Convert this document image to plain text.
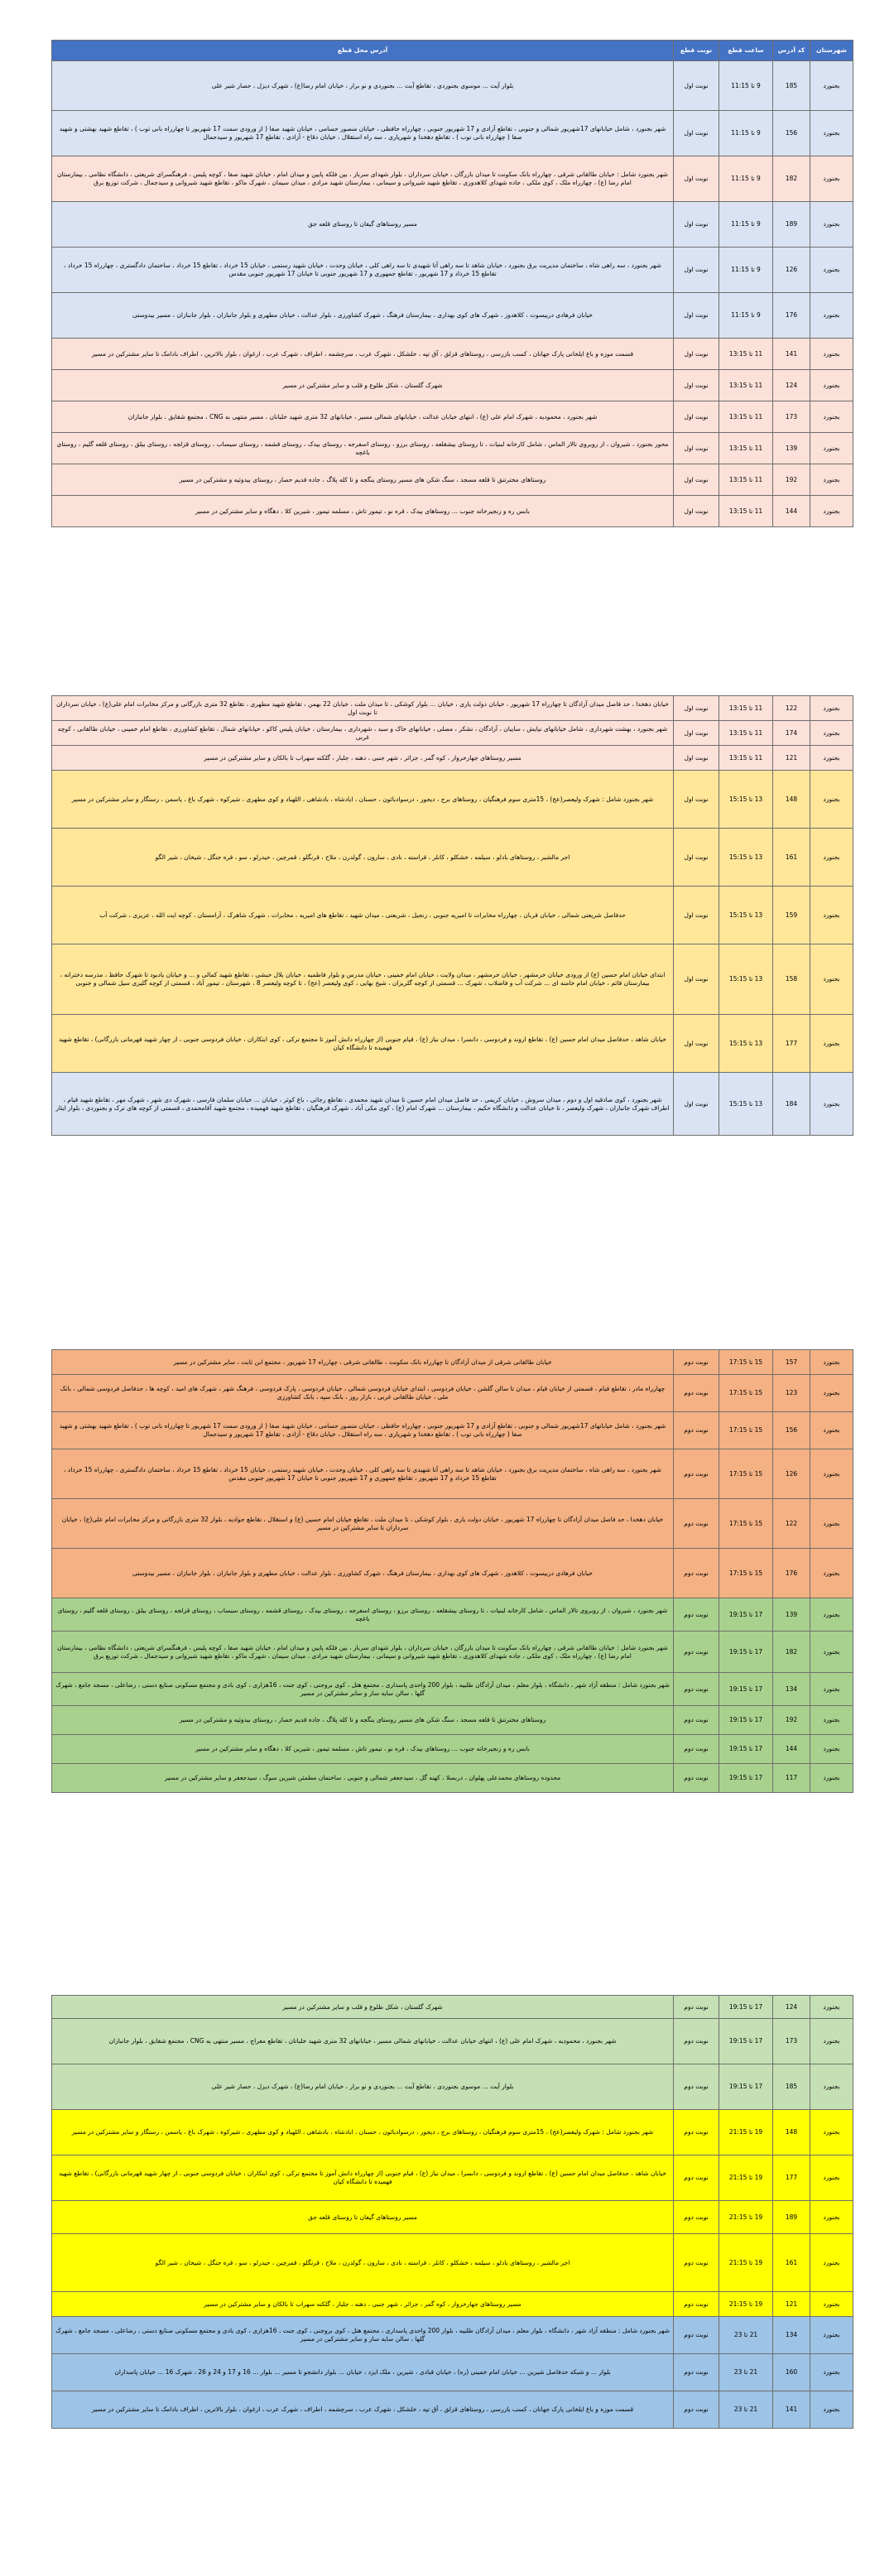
شهرستان	کد آدرس	ساعت قطع	نوبت قطع	آدرس محل قطع
بجنورد	185	9 تا 11:15	نوبت اول	بلوار آیت ... موسوی بجنوردی ، تقاطع آیت ... بجنوردی و نو برار ، خیابان امام رضا(ع) ، شهرک دیزل ، حصار شیر علی
بجنورد	156	9 تا 11:15	نوبت اول	شهر بجنورد ، شامل خیابانهای 17شهریور شمالی و جنوبی ، تقاطع آزادی و 17 شهریور جنوبی ، چهارراه حافظی ، خیابان منصور حسامی ، خیابان شهید صفا ( از ورودی سمت 17 شهریور تا چهارراه بانی توب ) ، تقاطع شهید بهشتی و شهید صفا ( چهارراه بانی توب ) ، تقاطع دهخدا و شهریاری ، سه راه استقلال ، خیابان دقاع - آزادی ، تقاطع 17 شهریور و سیدجمال
بجنورد	182	9 تا 11:15	نوبت اول	شهر بجنورد شامل : خیابان طالقانی شرقی ، چهارراه بانک سکونت تا میدان بازرگان ، خیابان سرداران ، بلوار شهدای سرباز ، بین فلکه پایین و میدان امام ، خیابان شهید صفا ، کوچه پلیس ، فرهنگسرای شریعتی ، دانشگاه نظامی ، بیمارستان امام رضا (ع) ، چهارراه ملک ، کوی ملکی ، جاده شهدای کلاهدوزی ، تقاطع شهید شیروانی و سیمانی ، بیمارستان شهید مرادی ، میدان سیمان ، شهرک ماکو ، تقاطع شهید شیروانی و سیدجمال ، شرکت توزیع برق
بجنورد	189	9 تا 11:15	نوبت اول	مسیر روستاهای گیفان تا روستای قلعه جق
بجنورد	126	9 تا 11:15	نوبت اول	شهر بجنورد ، سه راهی شاه ، ساختمان مدیریت برق بجنورد ، خیابان شاهد تا سه راهی آتا شهیدی تا سه راهی کلی ، خیابان وحدت ، خیابان شهید رستمی ، خیابان 15 خرداد ، تقاطع 15 خرداد ، ساختمان دادگستری ، چهارراه 15 خرداد ، تقاطع 15 خرداد و 17 شهریور ، تقاطع جمهوری و 17 شهریور جنوبی تا خیابان 17 شهریور جنوبی مقدس
بجنورد	176	9 تا 11:15	نوبت اول	خیابان فرهادی دربیسوت ، کلاهدوز ، شهرک های کوی بهداری ، بیمارستان فرهنگ ، شهرک کشاورزی ، بلوار عدالت ، خیابان مطهری و بلوار جانبازان ، بلوار جانبازان ، مسیر بیدوستی
بجنورد	141	11 تا 13:15	نوبت اول	قسمت موزه و باغ ایلخانی پارک جهانان ، کسب بازرسی ، روستاهای قزلق ، آق تپه ، خلشکل ، شهرک عرب ، سرچشمه ، اطراف ، شهرک عرب ، ارغوان ، بلوار بالاترین ، اطراف بادامک تا سایر مشترکین در مسیر
بجنورد	124	11 تا 13:15	نوبت اول	شهرک گلستان ، شکل طلوع و قلب و سایر مشترکین در مسیر
بجنورد	173	11 تا 13:15	نوبت اول	شهر بجنورد ، محمودیه ، شهرک امام علی (ع) ، انتهای خیابان عدالت ، خیابانهای شمالی مسیر ، خیابانهای 32 متری شهید خلبانان ، مسیر منتهی به CNG ، مجتمع شقایق ، بلوار جانبازان
بجنورد	139	11 تا 13:15	نوبت اول	محور بجنورد ، شیروان ، از روبروی تالار الماس ، شامل کارخانه لبنیات ، تا روستای بیشقلعه ، روستای برزو ، روستای اسفرجه ، روستای بیدک ، روستای قشمه ، روستای سیساب ، روستای قزلجه ، روستای بیلق ، روستای قلعه گلیم ، روستای باغچه
بجنورد	192	11 تا 13:15	نوبت اول	روستاهای مخترتنق تا قلعه مسجد ، سنگ شکن های مسیر روستای ینگجه و تا کله پلاگ ، جاده قدیم حصار ، روستای بیدوئیه و مشترکین در مسیر
بجنورد	144	11 تا 13:15	نوبت اول	بابس ره و زنجیرخانه جنوب ... روستاهای بیدک ، قره نو ، تیمور تاش ، مسلمه تیمور ، شیرین کلا ، دهگاه و سایر مشترکین در مسیر
بجنورد	122	11 تا 13:15	نوبت اول	خیابان دهخدا ، حد فاصل میدان آزادگان تا چهارراه 17 شهریور ، خیابان دولت یاری ، خیابان ... بلوار کوشکی ، تا میدان ملت ، خیابان 22 بهمن ، تقاطع شهید مطهری ، تقاطع 32 متری بازرگانی و مرکز مخابرات امام علی(ع) ، خیابان سرداران تا نوبت اول
بجنورد	174	11 تا 13:15	نوبت اول	شهر بجنورد ، بهشت شهرداری ، شامل خیابانهای نیایش ، سایبان ، آزادگان ، تشکر ، مصلی ، خیابانهای خاک و سبد ، شهرداری ، بیمارستان ، خیابان پلیس کاکو ، خیابانهای شمال ، تقاطع کشاورزی ، تقاطع امام خمینی ، خیابان طالقانی ، کوچه غربی
بجنورد	121	11 تا 13:15	نوبت اول	مسیر روستاهای جهارخروار ، کوه گمر ، جزائر ، شهر جنبی ، دهنه ، جلبار ، گلکنه سهراب تا بالکان و سایر مشترکین در مسیر
بجنورد	148	13 تا 15:15	نوبت اول	شهر بجنورد شامل : شهرک ولیعصر(عج) ، 15متری سوم فرهنگیان ، روستاهای برج ، دیجور ، درسوادبائون ، حسنان ، ابادشاه ، بادشاهی ، اللهباد و کوی مطهری ، شیرکوه ، شهرک باغ ، یاسمن ، رستگار و سایر مشترکین در مسیر
بجنورد	161	13 تا 15:15	نوبت اول	اجر مالشیر ، روستاهای بادلو ، سیلمه ، خشکلو ، کانلر ، قراسته ، نادی ، سارون ، گولدرن ، ملاح ، قرنگلو ، قمرچین ، حیدرلو ، سو ، قره جنگل ، شیخان ، شیر الگو
بجنورد	159	13 تا 15:15	نوبت اول	حدفاصل شریعتی شمالی ، خیابان قربان ، چهارراه مخابرات تا امیریه جنوبی ، زنجیل ، شریعتی ، میدان شهید ، تقاطع های امیریه ، مخابرات ، شهرک شاهرک ، آرامستان ، کوچه ایت الله ، عزیزی ، شرکت آب
بجنورد	158	13 تا 15:15	نوبت اول	ابتدای خیابان امام حسین (ع) از ورودی خیابان خرمشهر ، خیابان خرمشهر ، میدان ولایت ، خیابان امام خمینی ، خیابان مدرس و بلوار فاطمیه ، خیابان بلال حبشی ، تقاطع شهید کمالی و ... و خیابان یادبود تا شهرک حافظ ، مدرسه دخترانه ، بیمارستان قائم ، خیابان امام خامنه ای ... شرکت آب و فاضلاب ، شهرک ... قسمتی از کوچه گلریزان ، شیخ بهایی ، کوی ولیعصر (عج) ، تا کوچه ولیعصر 8 ، شهرستان ، تیمور آباد ، قسمتی از کوچه گلیزی سیل شمالی و جنوبی
بجنورد	177	13 تا 15:15	نوبت اول	خیابان شاهد ، حدفاصل میدان امام حسین (ع) ، تقاطع اروند و فردوسی ، دانسرا ، میدان نیاز (ع) ، قیام جنوبی (از چهارراه دانش آموز تا مجتمع ترکی ، کوی ابتکاران ، خیابان فردوسی جنوبی ، از چهار شهید قهرمانی بازرگانی) ، تقاطع شهید فهمیده تا دانشگاه کیان
بجنورد	184	13 تا 15:15	نوبت اول	شهر بجنورد ، کوی صادقیه اول و دوم ، میدان سروش ، خیابان کریمی ، حد فاصل میدان امام حسین تا میدان شهید محمدی ، تقاطع رجائی ، باغ کوثر ، خیابان ... خیابان سلمان فارسی ، شهرک دی شهر ، شهرک مهر ، تقاطع شهید قیام ، اطراف شهرک جانبازان ، شهرک ولیعصر ، تا خیابان عدالت و دانشگاه حکیم ، بیمارستان ... شهرک امام (ع) ، کوی مکی آباد ، شهرک فرهنگیان ، تقاطع شهید فهمیده ، مجتمع شهید آقامحمدی ، قسمتی از کوچه های ترک و بجنوردی ، بلوار ایثار
بجنورد	157	15 تا 17:15	نوبت دوم	خیابان طالقانی شرقی از میدان آزادگان تا چهارراه بانک سکونت ، طالقانی شرقی ، چهارراه 17 شهریور ، مجتمع ابن ثابت ، سایر مشترکین در مسیر
بجنورد	123	15 تا 17:15	نوبت دوم	چهارراه مادر ، تقاطع قیام ، قسمتی از خیابان قیام ، میدان تا سالن گلشن ، خیابان فردوسی ، ابتدای خیابان فردوسی شمالی ، خیابان فردوسی ، پارک فردوسی ، فرهنگ شهر ، شهرک های امید ، کوچه ها ، حدفاصل فردوسی شمالی ، بانک ملی ، خیابان طالقانی غربی ، بازار روز ، بانک سپه ، بانک کشاورزی
بجنورد	156	15 تا 17:15	نوبت دوم	شهر بجنورد ، شامل خیابانهای 17شهریور شمالی و جنوبی ، تقاطع آزادی و 17 شهریور جنوبی ، چهارراه حافظی ، خیابان منصور حسامی ، خیابان شهید صفا ( از ورودی سمت 17 شهریور تا چهارراه بانی توب ) ، تقاطع شهید بهشتی و شهید صفا ( چهارراه بانی توب ) ، تقاطع دهخدا و شهریاری ، سه راه استقلال ، خیابان دقاع - آزادی ، تقاطع 17 شهریور و سیدجمال
بجنورد	126	15 تا 17:15	نوبت دوم	شهر بجنورد ، سه راهی شاه ، ساختمان مدیریت برق بجنورد ، خیابان شاهد تا سه راهی آتا شهیدی تا سه راهی کلی ، خیابان وحدت ، خیابان شهید رستمی ، خیابان 15 خرداد ، تقاطع 15 خرداد ، ساختمان دادگستری ، چهارراه 15 خرداد ، تقاطع 15 خرداد و 17 شهریور ، تقاطع جمهوری و 17 شهریور جنوبی تا خیابان 17 شهریور جنوبی مقدس
بجنورد	122	15 تا 17:15	نوبت دوم	خیابان دهخدا ، حد فاصل میدان آزادگان تا چهارراه 17 شهریور ، خیابان دولت یاری ، بلوار کوشکی ، تا میدان ملت ، تقاطع خیابان امام حسین (ع) و استقلال ، تقاطع جوادیه ، بلوار 32 متری بازرگانی و مرکز مخابرات امام علی(ع) ، خیابان سرداران تا سایر مشترکین در مسیر
بجنورد	176	15 تا 17:15	نوبت دوم	خیابان فرهادی دربیسوت ، کلاهدوز ، شهرک های کوی بهداری ، بیمارستان فرهنگ ، شهرک کشاورزی ، بلوار عدالت ، خیابان مطهری و بلوار جانبازان ، بلوار جانبازان ، مسیر بیدوستی
بجنورد	139	17 تا 19:15	نوبت دوم	شهر بجنورد ، شیروان ، از روبروی تالار الماس ، شامل کارخانه لبنیات ، تا روستای بیشقلعه ، روستای برزو ، روستای اسفرجه ، روستای بیدک ، روستای قشمه ، روستای سیساب ، روستای قزلجه ، روستای بیلق ، روستای قلعه گلیم ، روستای باغچه
بجنورد	182	17 تا 19:15	نوبت دوم	شهر بجنورد شامل : خیابان طالقانی شرقی ، چهارراه بانک سکونت تا میدان بازرگان ، خیابان سرداران ، بلوار شهدای سرباز ، بین فلکه پایین و میدان امام ، خیابان شهید صفا ، کوچه پلیس ، فرهنگسرای شریعتی ، دانشگاه نظامی ، بیمارستان امام رضا (ع) ، چهارراه ملک ، کوی ملکی ، جاده شهدای کلاهدوزی ، تقاطع شهید شیروانی و سیمانی ، بیمارستان شهید مرادی ، میدان سیمان ، شهرک ماکو ، تقاطع شهید شیروانی و سیدجمال ، شرکت توزیع برق
بجنورد	134	17 تا 19:15	نوبت دوم	شهر بجنورد شامل : منطقه آزاد شهر ، دانشگاه ، بلوار معلم ، میدان آزادگان طلبیه ، بلوار 200 واحدی پاسداری ، مجتمع هتل ، کوی بروجنی ، کوی جنت ، 16هزاری ، کوی بادی و مجتمع مسکونی صنایع دستی ، رضاعلی ، مسجد جامع ، شهرک گلها ، سالن سایه ساز و سایر مشترکین در مسیر
بجنورد	192	17 تا 19:15	نوبت دوم	روستاهای مخترتنق تا قلعه مسجد ، سنگ شکن های مسیر روستای ینگجه و تا کله پلاگ ، جاده قدیم حصار ، روستای بیدوئیه و مشترکین در مسیر
بجنورد	144	17 تا 19:15	نوبت دوم	بابس ره و زنجیرخانه جنوب ... روستاهای بیدک ، قره نو ، تیمور تاش ، مسلمه تیمور ، شیرین کلا ، دهگاه و سایر مشترکین در مسیر
بجنورد	117	17 تا 19:15	نوبت دوم	محدوده روستاهای محمدعلی پهلوان ، دربسلا ، کهنه گل ، سیدجعفر شمالی و جنوبی ، ساختمان مطمئن شیرین سوگ ، سیدجعفر و سایر مشترکین در مسیر
بجنورد	124	17 تا 19:15	نوبت دوم	شهرک گلستان ، شکل طلوع و قلب و سایر مشترکین در مسیر
بجنورد	173	17 تا 19:15	نوبت دوم	شهر بجنورد ، محمودیه ، شهرک امام علی (ع) ، انتهای خیابان عدالت ، خیابانهای شمالی مسیر ، خیابانهای 32 متری شهید خلبانان ، تقاطع معراج ، مسیر منتهی به CNG ، مجتمع شقایق ، بلوار جانبازان
بجنورد	185	17 تا 19:15	نوبت دوم	بلوار آیت ... موسوی بجنوردی ، تقاطع آیت ... بجنوردی و نو برار ، خیابان امام رضا(ع) ، شهرک دیزل ، حصار شیر علی
بجنورد	148	19 تا 21:15	نوبت دوم	شهر بجنورد شامل : شهرک ولیعصر(عج) ، 15متری سوم فرهنگیان ، روستاهای برج ، دیجور ، درسوادبائون ، حسنان ، ابادشاه ، بادشاهی ، اللهباد و کوی مطهری ، شیرکوه ، شهرک باغ ، یاسمن ، رستگار و سایر مشترکین در مسیر
بجنورد	177	19 تا 21:15	نوبت دوم	خیابان شاهد ، حدفاصل میدان امام حسین (ع) ، تقاطع اروند و فردوسی ، دانسرا ، میدان نیاز (ع) ، قیام جنوبی (از چهارراه دانش آموز تا مجتمع ترکی ، کوی ابتکاران ، خیابان فردوسی جنوبی ، از چهار شهید قهرمانی بازرگانی) ، تقاطع شهید فهمیده تا دانشگاه کیان
بجنورد	189	19 تا 21:15	نوبت دوم	مسیر روستاهای گیفان تا روستای قلعه جق
بجنورد	161	19 تا 21:15	نوبت دوم	اجر مالشیر ، روستاهای بادلو ، سیلمه ، خشکلو ، کانلر ، قراسته ، نادی ، سارون ، گولدرن ، ملاح ، قرنگلو ، قمرچین ، حیدرلو ، سو ، قره جنگل ، شیخان ، شیر الگو
بجنورد	121	19 تا 21:15	نوبت دوم	مسیر روستاهای جهارخروار ، کوه گمر ، جزائر ، شهر جنبی ، دهنه ، جلبار ، گلکنه سهراب تا بالکان و سایر مشترکین در مسیر
بجنورد	134	21 تا 23	نوبت دوم	شهر بجنورد شامل : منطقه آزاد شهر ، دانشگاه ، بلوار معلم ، میدان آزادگان طلبیه ، بلوار 200 واحدی پاسداری ، مجتمع هتل ، کوی بروجنی ، کوی جنت ، 16هزاری ، کوی بادی و مجتمع مسکونی صنایع دستی ، رضاعلی ، مسجد جامع ، شهرک گلها ، سالن سایه ساز و سایر مشترکین در مسیر
بجنورد	160	21 تا 23	نوبت دوم	بلوار ... و شبکه حدفاصل شیرین ... خیابان امام خمینی (ره) ، خیابان قبادی ، شیرین ، ملک ایزد ، خیابان ... بلوار دانشجو تا مسیر ... بلوار ... 16 و 17 و 24 و 26 ، شهرک 16 ... خیابان پاسداران
بجنورد	141	21 تا 23	نوبت دوم	قسمت موزه و باغ ایلخانی پارک جهانان ، کسب بازرسی ، روستاهای قزلق ، آق تپه ، خلشکل ، شهرک عرب ، سرچشمه ، اطراف ، شهرک عرب ، ارغوان ، بلوار بالاترین ، اطراف بادامک تا سایر مشترکین در مسیر
